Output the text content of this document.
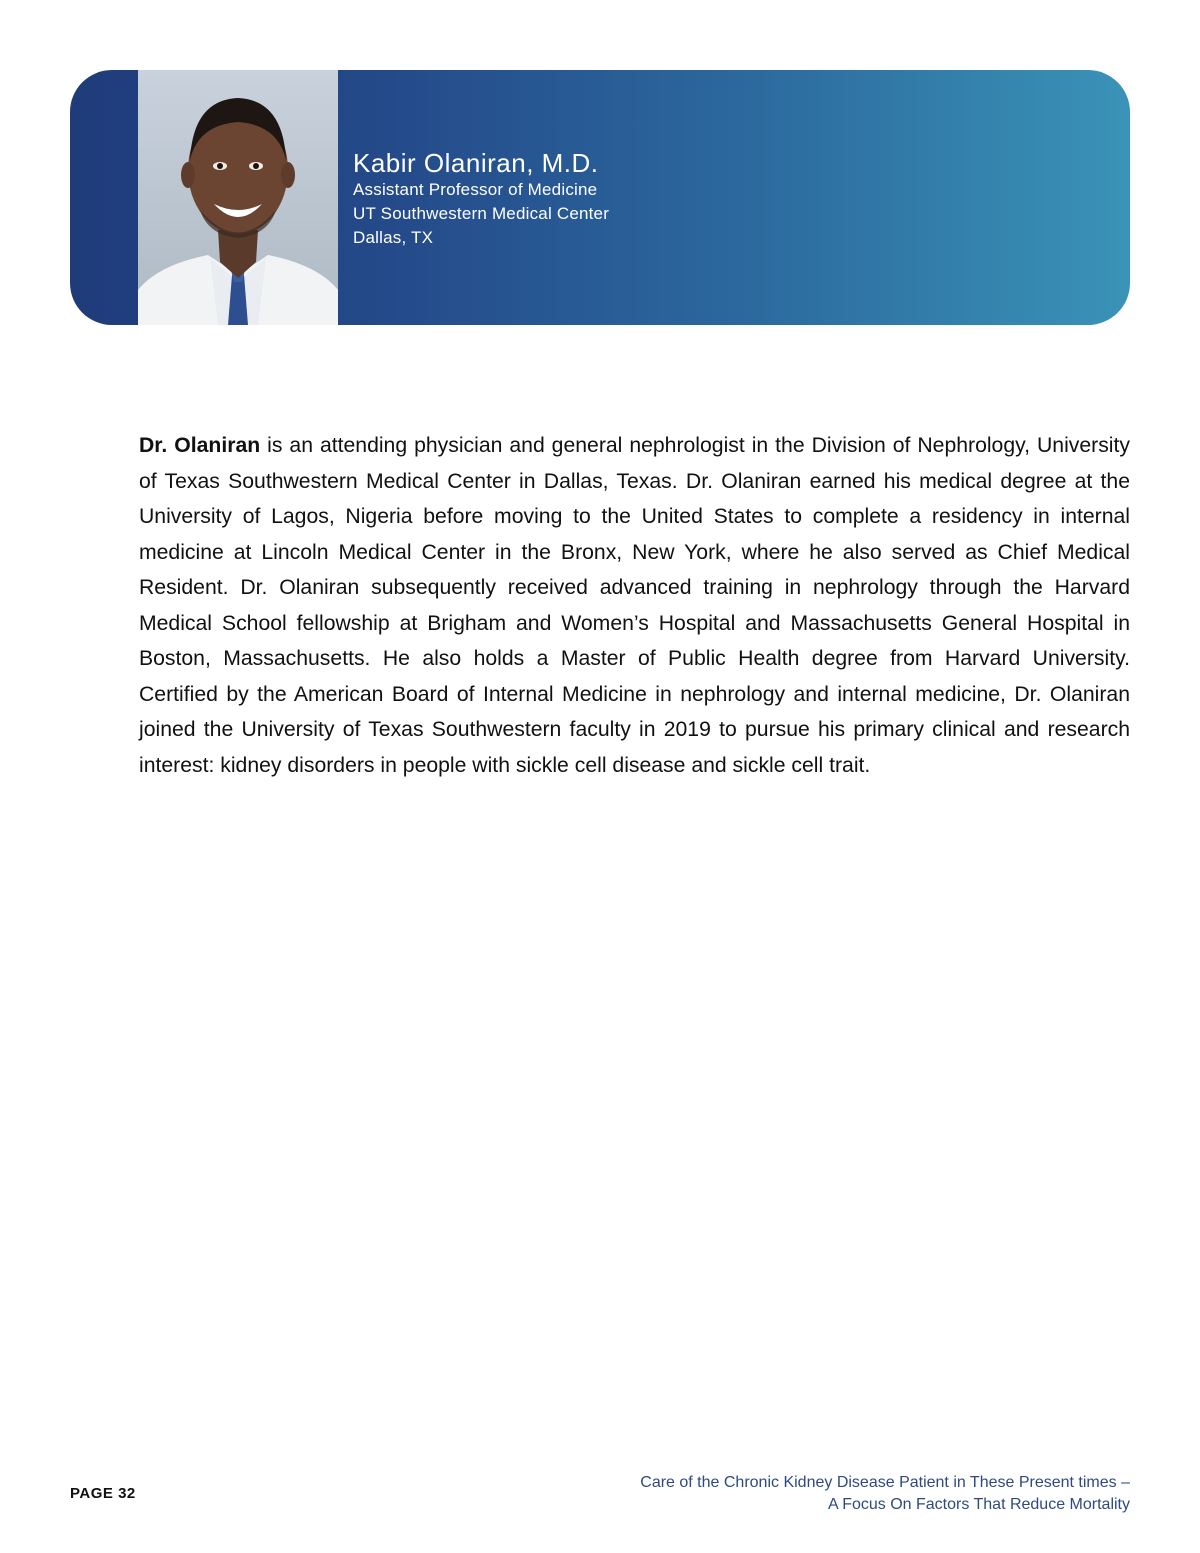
Kabir Olaniran, M.D.
Assistant Professor of Medicine
UT Southwestern Medical Center
Dallas, TX

Dr. Olaniran is an attending physician and general nephrologist in the Division of Nephrology, University of Texas Southwestern Medical Center in Dallas, Texas. Dr. Olaniran earned his medical degree at the University of Lagos, Nigeria before moving to the United States to complete a residency in internal medicine at Lincoln Medical Center in the Bronx, New York, where he also served as Chief Medical Resident. Dr. Olaniran subsequently received advanced training in nephrology through the Harvard Medical School fellowship at Brigham and Women’s Hospital and Massachusetts General Hospital in Boston, Massachusetts. He also holds a Master of Public Health degree from Harvard University. Certified by the American Board of Internal Medicine in nephrology and internal medicine, Dr. Olaniran joined the University of Texas Southwestern faculty in 2019 to pursue his primary clinical and research interest: kidney disorders in people with sickle cell disease and sickle cell trait.

PAGE 32
Care of the Chronic Kidney Disease Patient in These Present times –
A Focus On Factors That Reduce Mortality
